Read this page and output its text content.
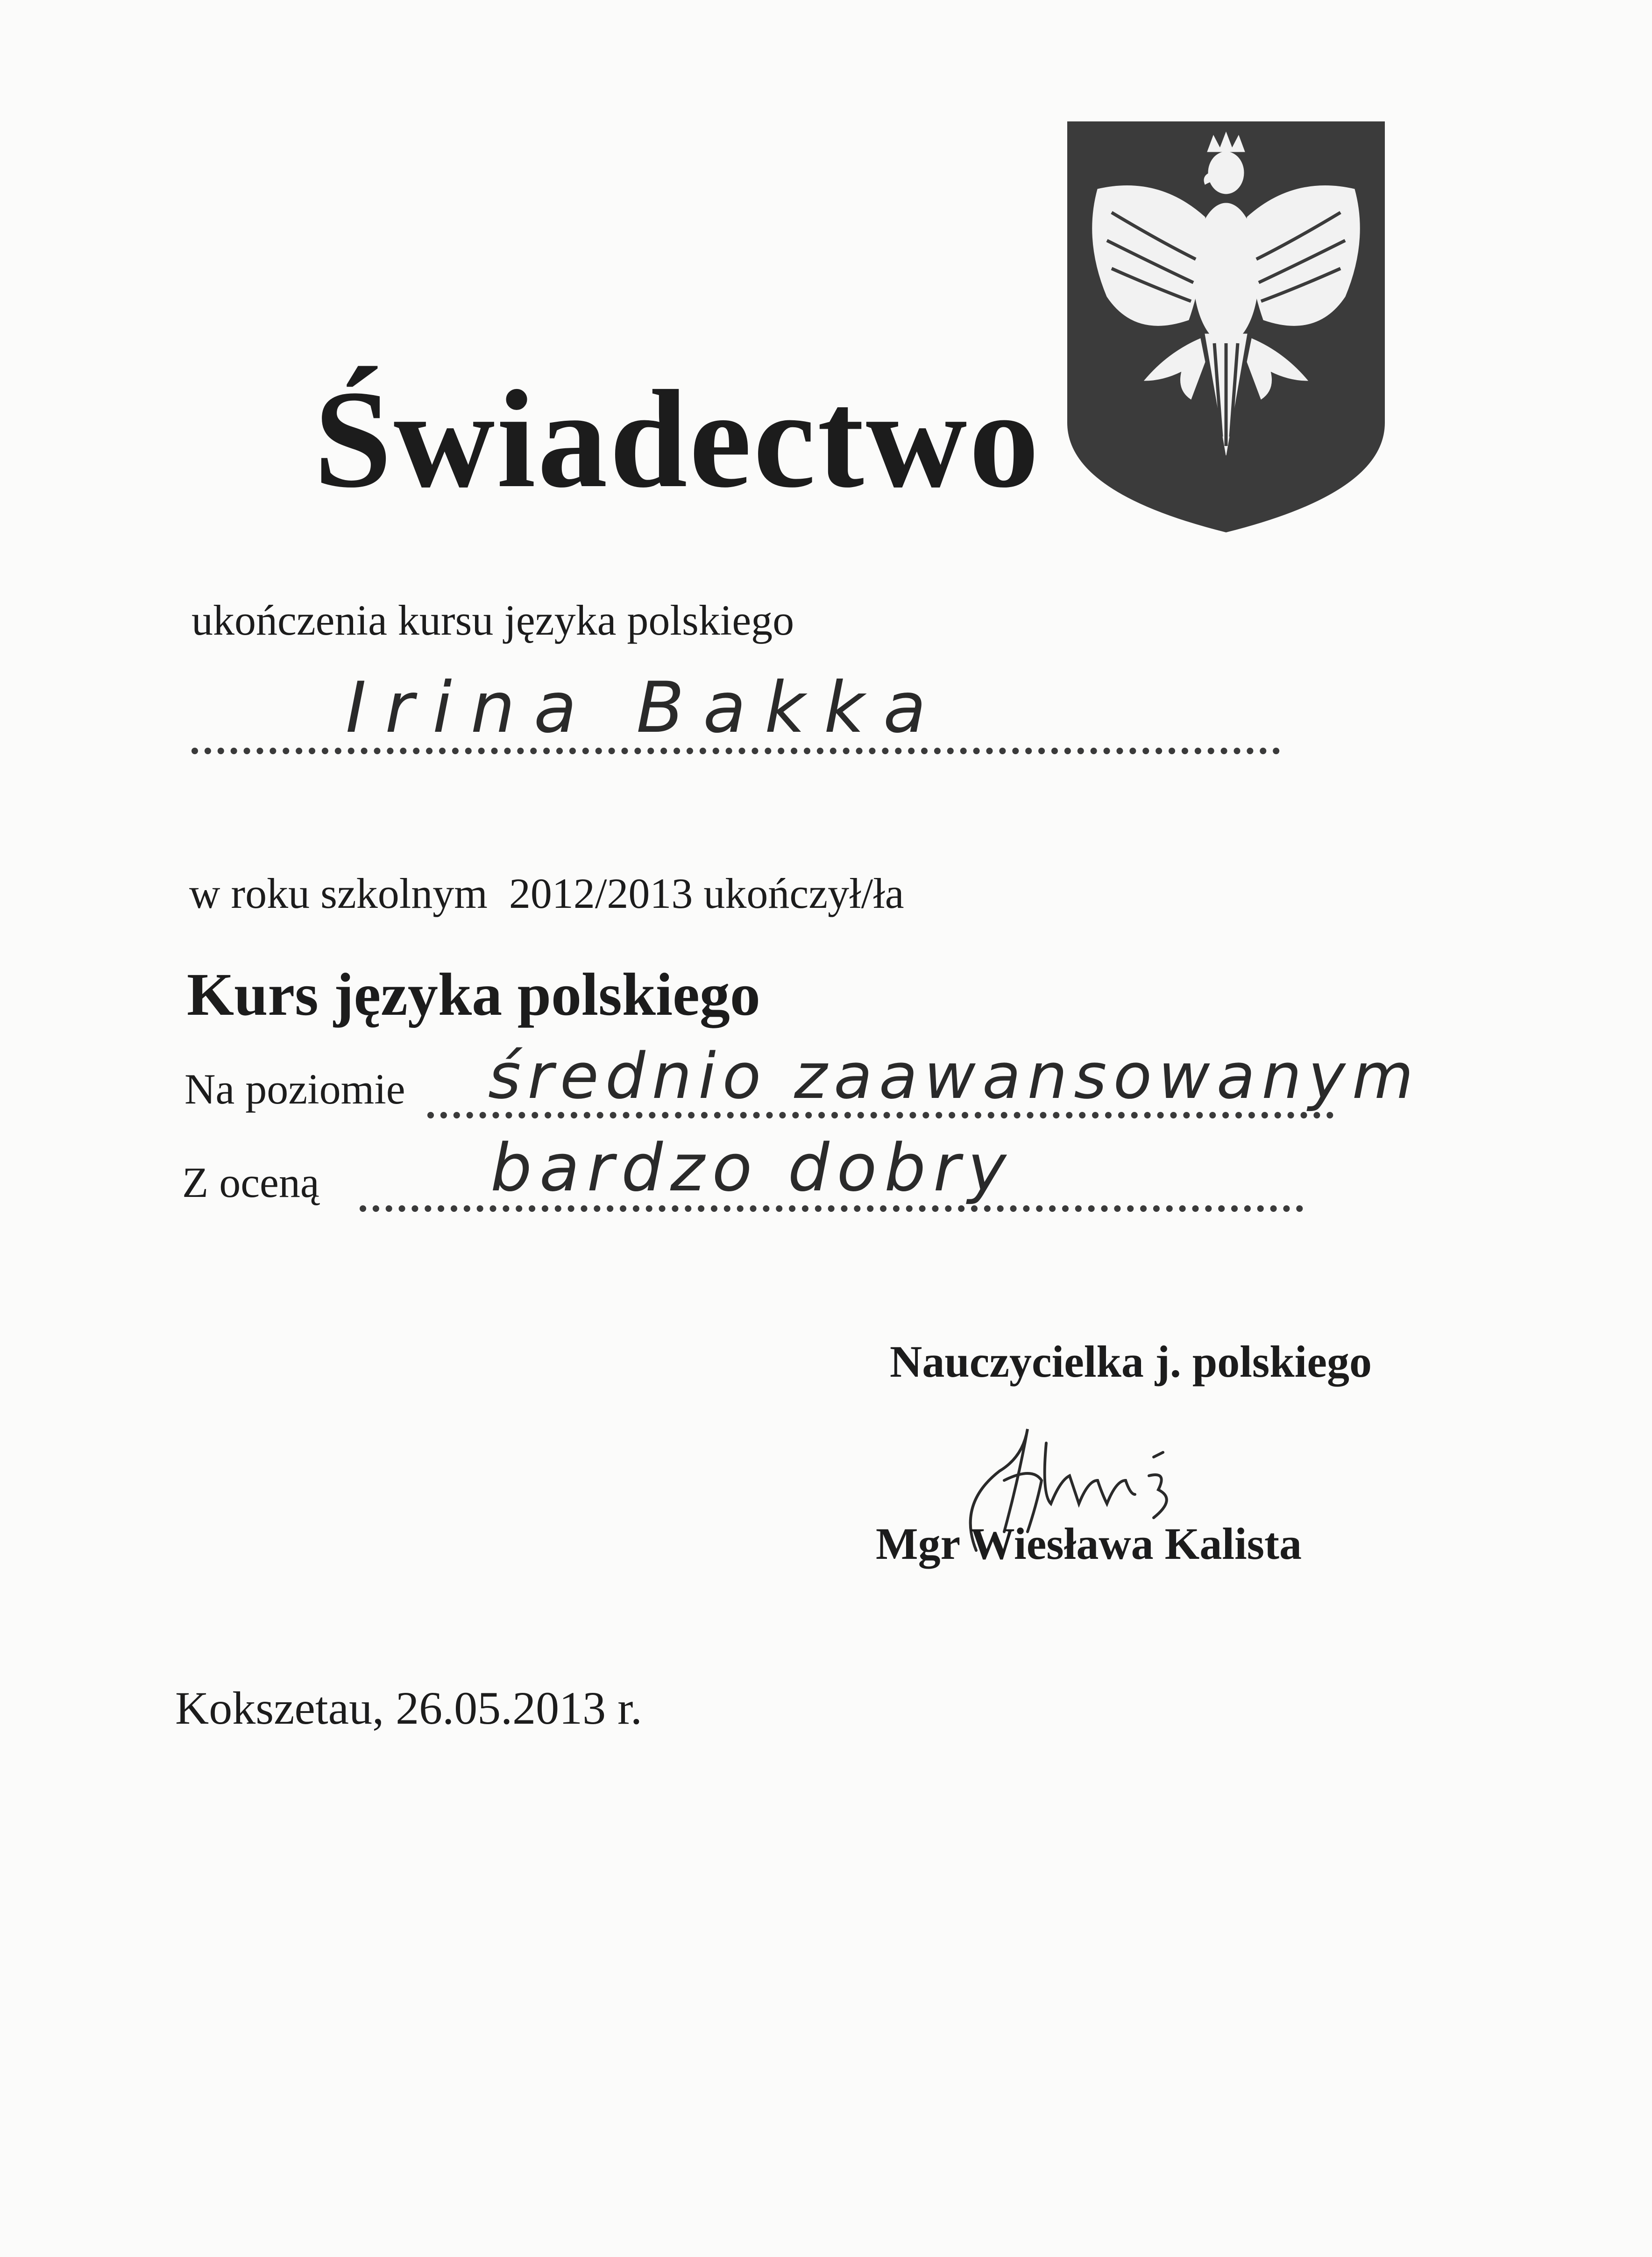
Świadectwo
ukończenia kursu języka polskiego
Irina Bakka
w roku szkolnym 2012/2013 ukończył/ła
Kurs języka polskiego
Na poziomie średnio zaawansowanym
Z oceną	bardzo dobry
Nauczycielka j. polskiego
Mgr Wiesława Kalista
Kokszetau, 26.05.2013 r.
